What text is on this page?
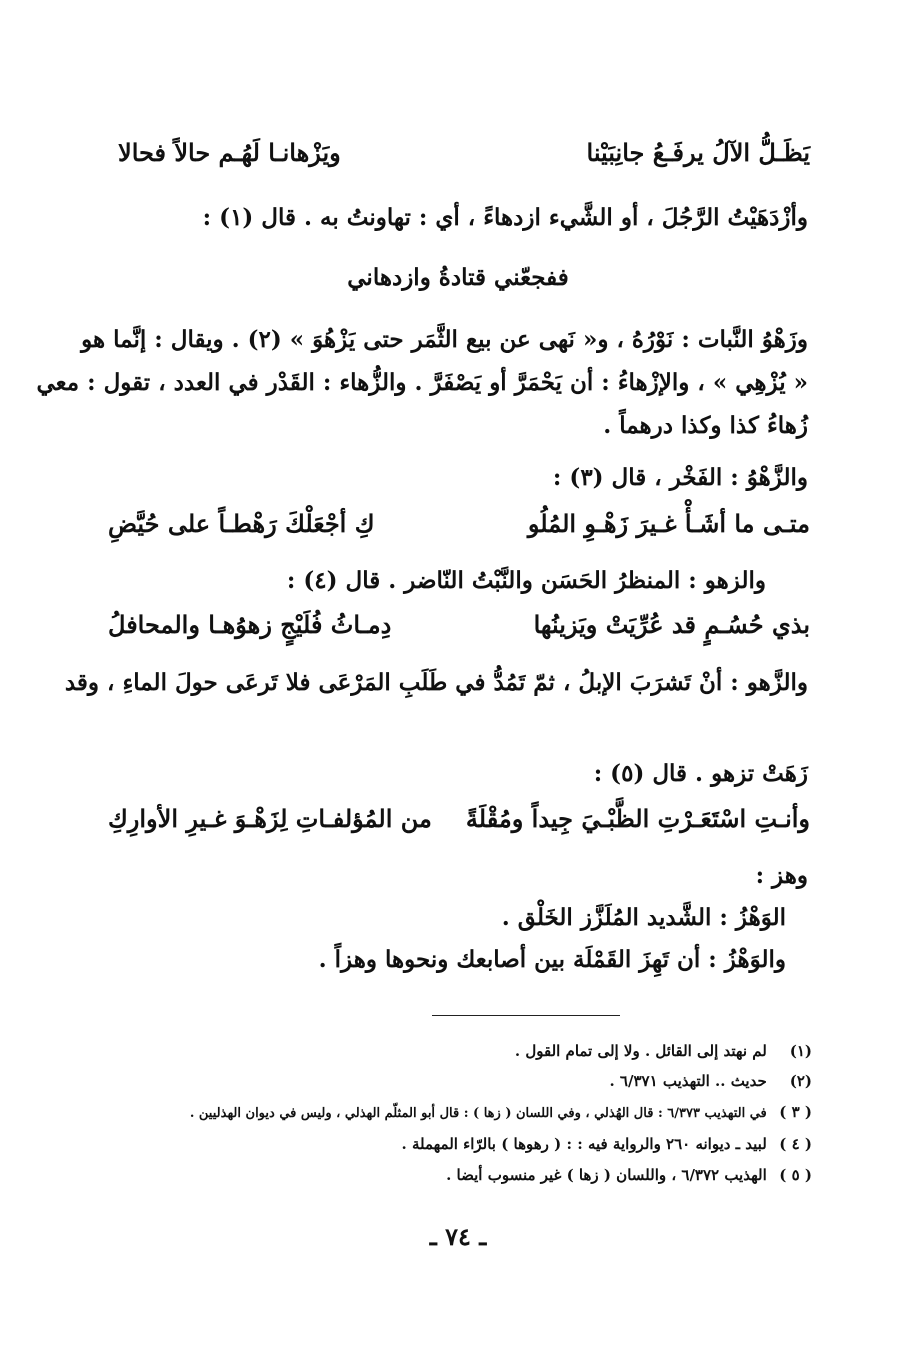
يَظَـلُّ الآلُ يرفَـعُ جانِبَيْنا
ويَزْهانـا لَهُـم حالاً فحالا
وأزْدَهَيْتُ الرَّجُلَ ، أو الشَّيء ازدهاءً ، أي : تهاونتُ به . قال (١) :
ففجعّني قتادةُ وازدهاني
وزَهْوُ النَّبات : نَوْرُهُ ، و« نَهى عن بيع الثَّمَر حتى يَزْهُوَ » (٢) . ويقال : إنَّما هو
« يُزْهِي » ، والإزْهاءُ : أن يَحْمَرَّ أو يَصْفَرَّ . والزُّهاء : القَدْر في العدد ، تقول : معي
زُهاءُ كذا وكذا درهماً .
والزَّهْوُ : الفَخْر ، قال (٣) :
متـى ما أشَـأْ غـيرَ زَهْـوِ المُلُو
كِ أجْعَلْكَ رَهْطـاً على حُيَّضِ
والزهو : المنظرُ الحَسَن والنَّبْتُ النّاضر . قال (٤) :
بذي حُسُـمٍ قد عُرِّيَتْ ويَزينُها
دِمـاثُ فُلَيْجٍ زهوُهـا والمحافلُ
والزَّهو : أنْ تَشرَبَ الإبلُ ، ثمّ تَمُدُّ في طَلَبِ المَرْعَى فلا تَرعَى حولَ الماءِ ، وقد
زَهَتْ تزهو . قال (٥) :
وأنـتِ اسْتَعَـرْتِ الظَّبْـيَ جِيداً ومُقْلَةً
من المُؤلفـاتِ لِزَهْـوَ غـيرِ الأوارِكِ
وهز :
الوَهْزُ : الشَّديد المُلَزَّز الخَلْق .
والوَهْزُ : أن تَهِزَ القَمْلَة بين أصابعك ونحوها وهزاً .
(١) لم نهتد إلى القائل . ولا إلى تمام القول .
(٢) حديث .. التهذيب ٦/٣٧١ .
( ٣ ) في التهذيب ٦/٣٧٣ : قال الهُذلي ، وفي اللسان ( زها ) : قال أبو المثلّم الهذلي ، وليس في ديوان الهذليين .
( ٤ ) لبيد ـ ديوانه ٢٦٠ والرواية فيه : : ( رهوها ) بالرّاء المهملة .
( ٥ ) الهذيب ٦/٣٧٢ ، واللسان ( زها ) غير منسوب أيضا .
ـ ٧٤ ـ
